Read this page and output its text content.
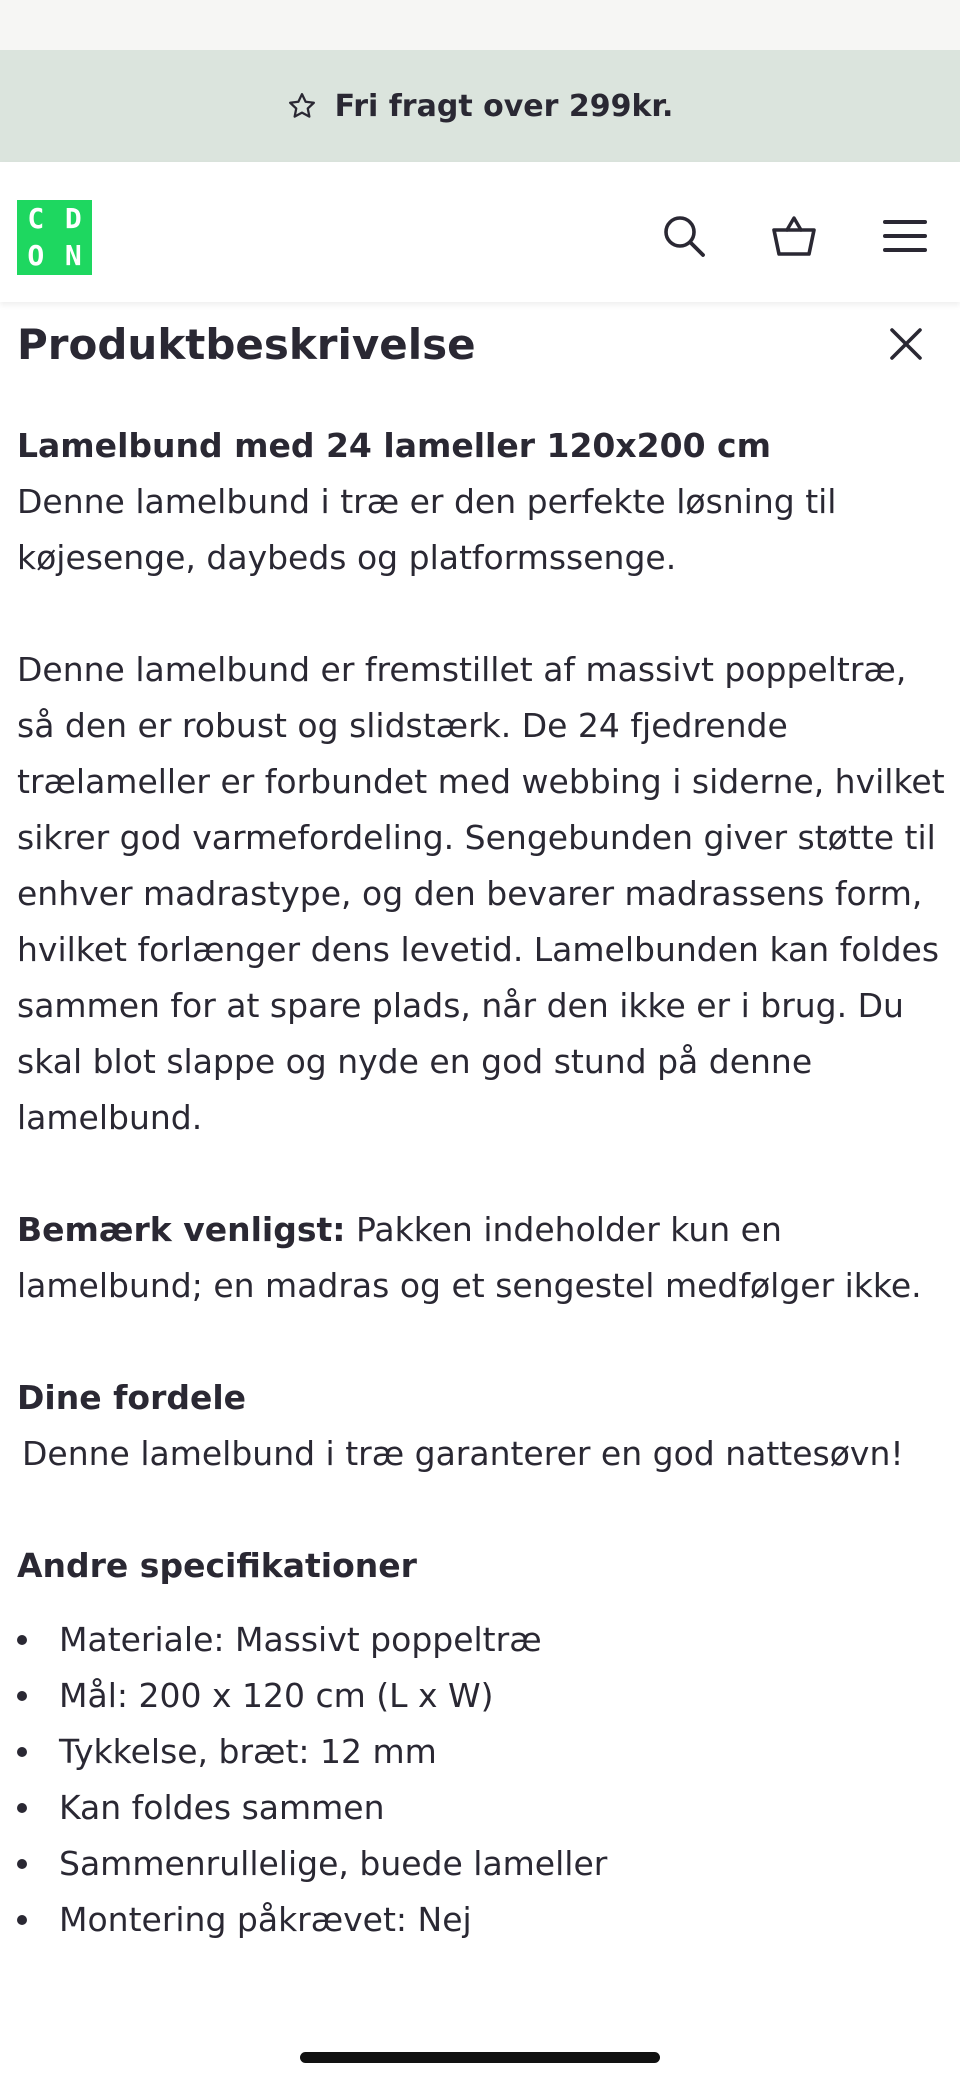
Fri fragt over 299kr.
C D
O N
Produktbeskrivelse

Lamelbund med 24 lameller 120x200 cm

Denne lamelbund i træ er den perfekte løsning til køjesenge, daybeds og platformssenge.

Denne lamelbund er fremstillet af massivt poppeltræ, så den er robust og slidstærk. De 24 fjedrende trælameller er forbundet med webbing i siderne, hvilket sikrer god varmefordeling. Sengebunden giver støtte til enhver madrastype, og den bevarer madrassens form, hvilket forlænger dens levetid. Lamelbunden kan foldes sammen for at spare plads, når den ikke er i brug. Du skal blot slappe og nyde en god stund på denne lamelbund.

Bemærk venligst: Pakken indeholder kun en lamelbund; en madras og et sengestel medfølger ikke.

Dine fordele

Denne lamelbund i træ garanterer en god nattesøvn!

Andre specifikationer

Materiale: Massivt poppeltræ
Mål: 200 x 120 cm (L x W)
Tykkelse, bræt: 12 mm
Kan foldes sammen
Sammenrullelige, buede lameller
Montering påkrævet: Nej
